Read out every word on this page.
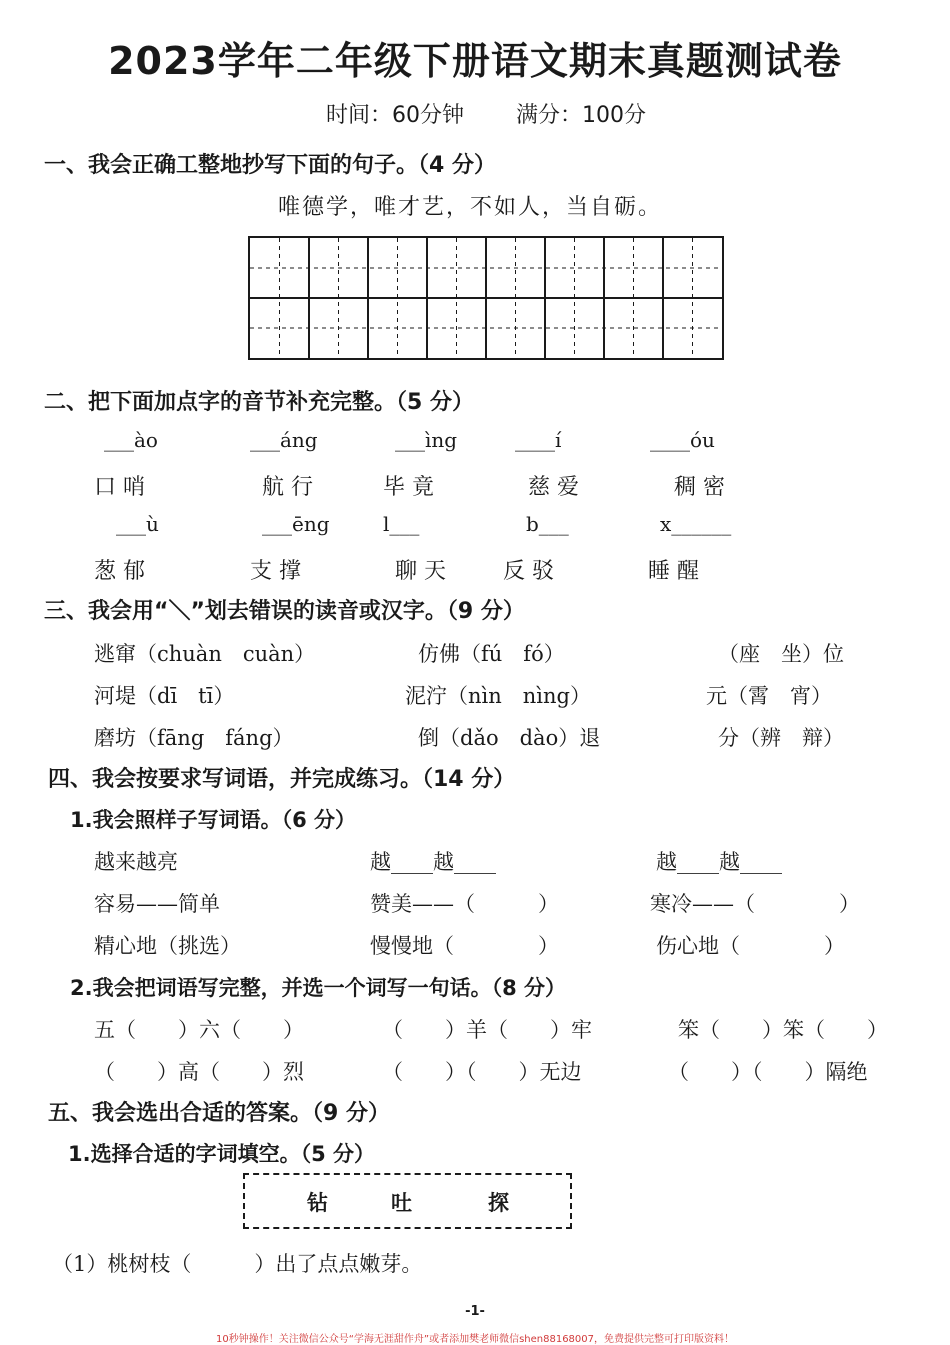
2023学年二年级下册语文期末真题测试卷
时间：60分钟 满分：100分
一、我会正确工整地抄写下面的句子。（4 分）
唯德学，唯才艺，不如人，当自砺。
二、把下面加点字的音节补充完整。（5 分）
___ào	___áng	___ìng	____í	____óu
口 哨	航 行	毕 竟	慈 爱	稠 密
___ù	___ēng	l___	b___	x______
葱 郁	支 撑	聊 天	反 驳	睡 醒
三、我会用“＼”划去错误的读音或汉字。（9 分）
逃窜（chuàn　cuàn）	仿佛（fú　fó）	（座　坐）位
河堤（dī　tī）	泥泞（nìn　nìng）	元（霄　宵）
磨坊（fāng　fáng）	倒（dǎo　dào）退	分（辨　辩）
四、我会按要求写词语，并完成练习。（14 分）
1.我会照样子写词语。（6 分）
越来越亮	越____越____	越____越____
容易——简单	赞美——（　　　）	寒冷——（　　　　）
精心地（挑选）	慢慢地（　　　　）	伤心地（　　　　）
2.我会把词语写完整，并选一个词写一句话。（8 分）
五（　　）六（　　）	（　　）羊（　　）牢	笨（　　）笨（　　）
（　　）高（　　）烈	（　　）（　　）无边	（　　）（　　）隔绝
五、我会选出合适的答案。（9 分）
1.选择合适的字词填空。（5 分）
钻	吐	探
（1）桃树枝（　　　）出了点点嫩芽。
-1-
10秒钟操作！关注微信公众号“学海无涯甜作舟”或者添加樊老师微信shen88168007，免费提供完整可打印版资料！
